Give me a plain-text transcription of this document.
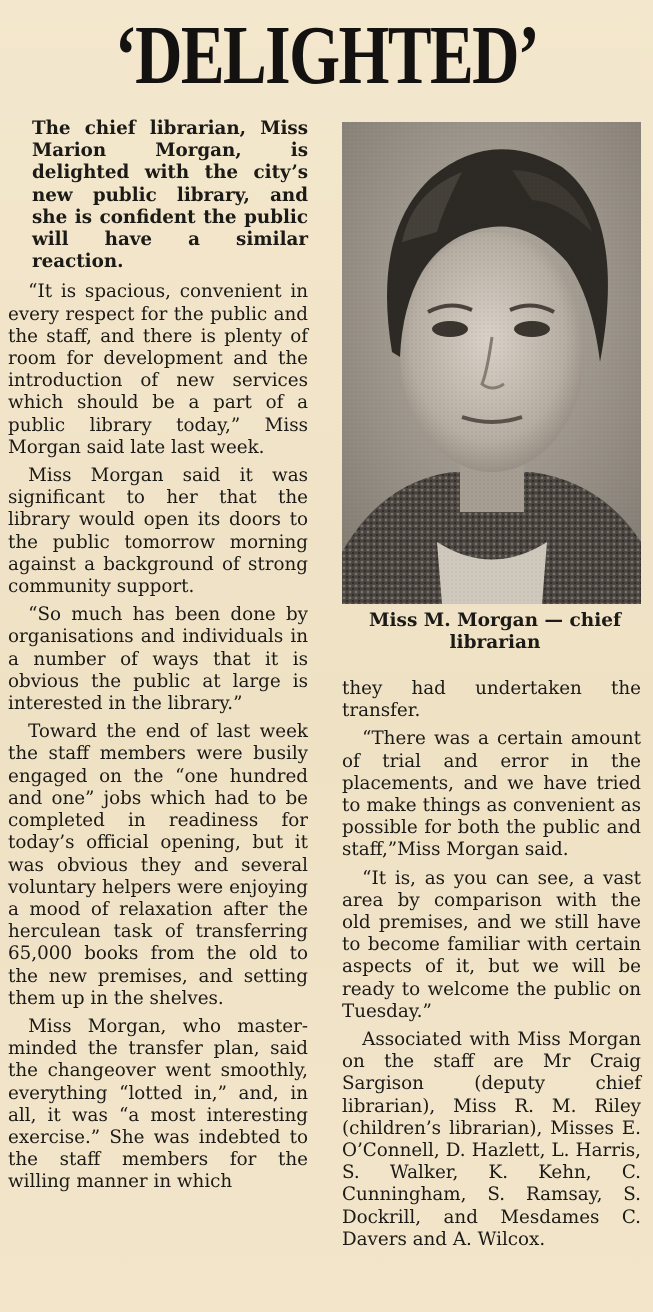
‘DELIGHTED’

The chief librarian, Miss Marion Morgan, is delighted with the city’s new public library, and she is confident the public will have a similar reaction.

“It is spacious, convenient in every respect for the public and the staff, and there is plenty of room for development and the introduction of new services which should be a part of a public library today,” Miss Morgan said late last week.

Miss Morgan said it was significant to her that the library would open its doors to the public tomorrow morning against a background of strong community support.

“So much has been done by organisations and individuals in a number of ways that it is obvious the public at large is interested in the library.”

Toward the end of last week the staff members were busily engaged on the “one hundred and one” jobs which had to be completed in readiness for today’s official opening, but it was obvious they and several voluntary helpers were enjoying a mood of relaxation after the herculean task of transferring 65,000 books from the old to the new premises, and setting them up in the shelves.

Miss Morgan, who master-minded the transfer plan, said the changeover went smoothly, everything “lotted in,” and, in all, it was “a most interesting exercise.” She was indebted to the staff members for the willing manner in which

Miss M. Morgan — chief librarian

they had undertaken the transfer.

“There was a certain amount of trial and error in the placements, and we have tried to make things as convenient as possible for both the public and staff,”Miss Morgan said.

“It is, as you can see, a vast area by comparison with the old premises, and we still have to become familiar with certain aspects of it, but we will be ready to welcome the public on Tuesday.”

Associated with Miss Morgan on the staff are Mr Craig Sargison (deputy chief librarian), Miss R. M. Riley (children’s librarian), Misses E. O’Connell, D. Hazlett, L. Harris, S. Walker, K. Kehn, C. Cunningham, S. Ramsay, S. Dockrill, and Mesdames C. Davers and A. Wilcox.
